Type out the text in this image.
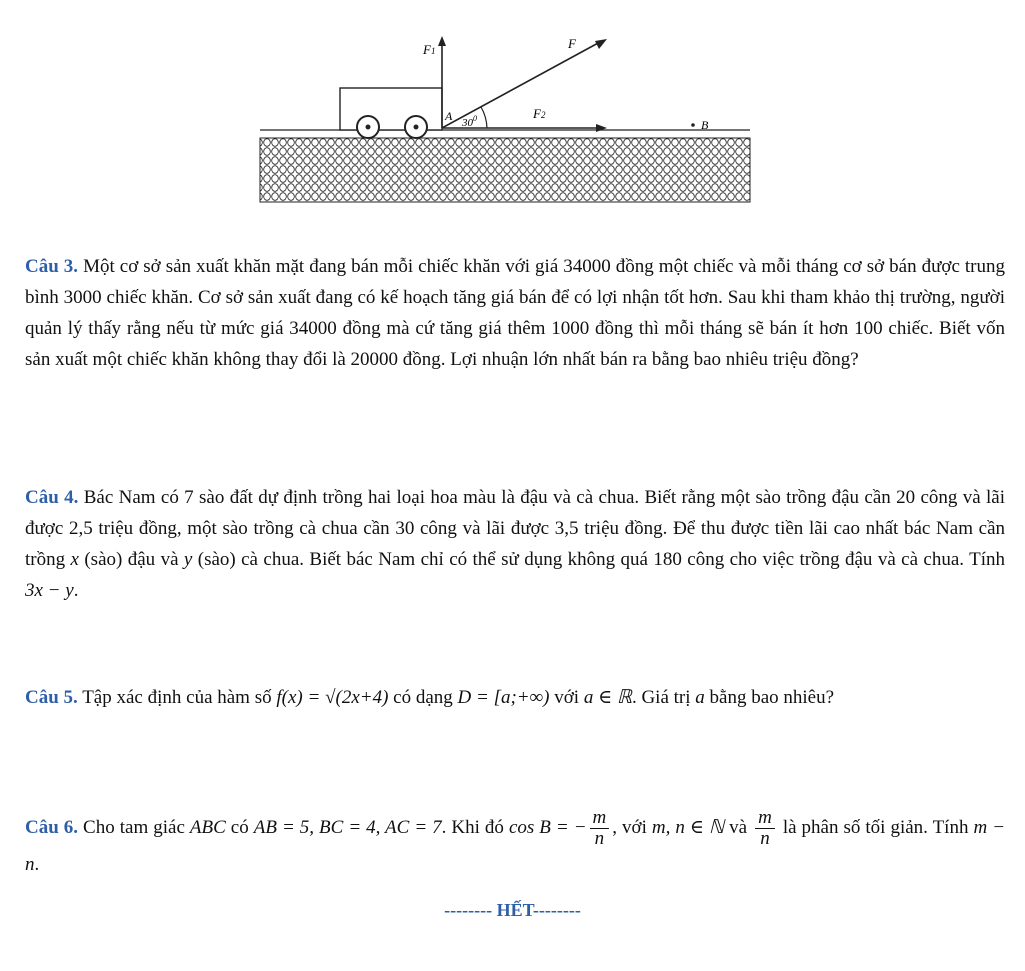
F1	F
F2
A $30^0$	B
Câu 3. Một cơ sở sản xuất khăn mặt đang bán mỗi chiếc khăn với giá 34000 đồng một chiếc và mỗi tháng cơ sở bán được trung bình 3000 chiếc khăn. Cơ sở sản xuất đang có kế hoạch tăng giá bán để có lợi nhận tốt hơn. Sau khi tham khảo thị trường, người quản lý thấy rằng nếu từ mức giá 34000 đồng mà cứ tăng giá thêm 1000 đồng thì mỗi tháng sẽ bán ít hơn 100 chiếc. Biết vốn sản xuất một chiếc khăn không thay đổi là 20000 đồng. Lợi nhuận lớn nhất bán ra bằng bao nhiêu triệu đồng?
Câu 4. Bác Nam có 7 sào đất dự định trồng hai loại hoa màu là đậu và cà chua. Biết rằng một sào trồng đậu cần 20 công và lãi được 2,5 triệu đồng, một sào trồng cà chua cần 30 công và lãi được 3,5 triệu đồng. Để thu được tiền lãi cao nhất bác Nam cần trồng x (sào) đậu và y (sào) cà chua. Biết bác Nam chỉ có thể sử dụng không quá 180 công cho việc trồng đậu và cà chua. Tính 3x − y.
Câu 5. Tập xác định của hàm số f(x) = √(2x+4) có dạng D = [a;+∞) với a ∈ ℝ. Giá trị a bằng bao nhiêu?
Câu 6. Cho tam giác ABC có AB = 5, BC = 4, AC = 7. Khi đó cos B = − $\frac{m}{n}$ , với m, n ∈ ℕ và $\frac{m}{n}$ là phân số tối giản. Tính m − n.
-------- HẾT--------
